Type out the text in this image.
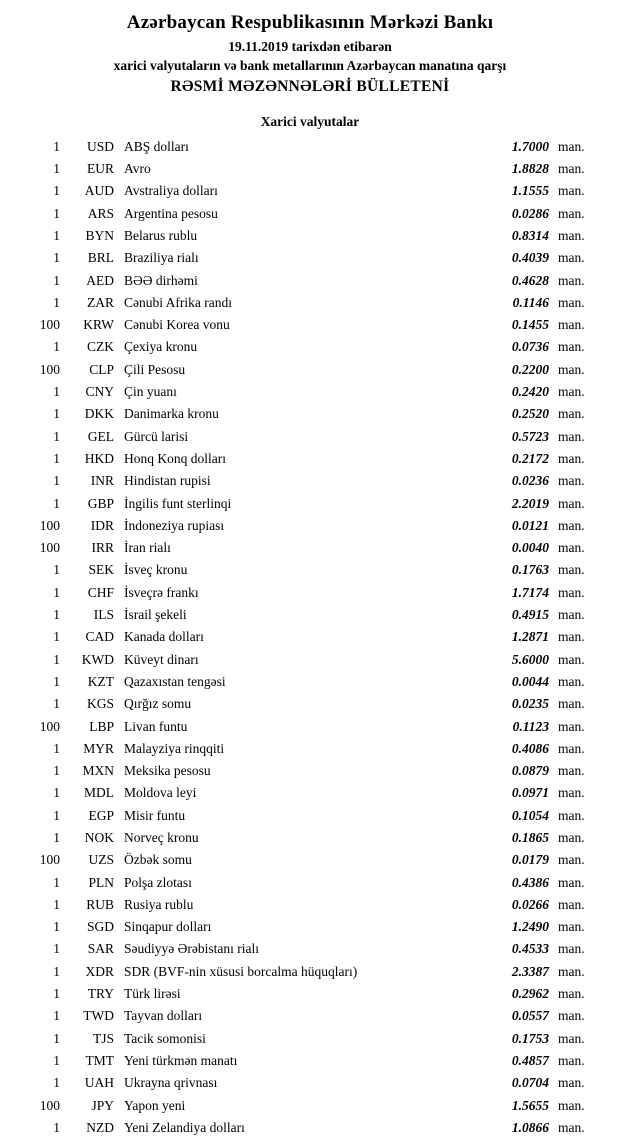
Azərbaycan Respublikasının Mərkəzi Bankı
19.11.2019 tarixdən etibarən
xarici valyutaların və bank metallarının Azərbaycan manatına qarşı
RƏSMİ MƏZƏNNƏLƏRİ BÜLLETENİ
Xarici valyutalar
1	USD	ABŞ dolları	1.7000	man.
1	EUR	Avro	1.8828	man.
1	AUD	Avstraliya dolları	1.1555	man.
1	ARS	Argentina pesosu	0.0286	man.
1	BYN	Belarus rublu	0.8314	man.
1	BRL	Braziliya rialı	0.4039	man.
1	AED	BƏƏ dirhəmi	0.4628	man.
1	ZAR	Cənubi Afrika randı	0.1146	man.
100	KRW	Cənubi Korea vonu	0.1455	man.
1	CZK	Çexiya kronu	0.0736	man.
100	CLP	Çili Pesosu	0.2200	man.
1	CNY	Çin yuanı	0.2420	man.
1	DKK	Danimarka kronu	0.2520	man.
1	GEL	Gürcü larisi	0.5723	man.
1	HKD	Honq Konq dolları	0.2172	man.
1	INR	Hindistan rupisi	0.0236	man.
1	GBP	İngilis funt sterlinqi	2.2019	man.
100	IDR	İndoneziya rupiası	0.0121	man.
100	IRR	İran rialı	0.0040	man.
1	SEK	İsveç kronu	0.1763	man.
1	CHF	İsveçrə frankı	1.7174	man.
1	ILS	İsrail şekeli	0.4915	man.
1	CAD	Kanada dolları	1.2871	man.
1	KWD	Küveyt dinarı	5.6000	man.
1	KZT	Qazaxıstan tengəsi	0.0044	man.
1	KGS	Qırğız somu	0.0235	man.
100	LBP	Livan funtu	0.1123	man.
1	MYR	Malayziya rinqqiti	0.4086	man.
1	MXN	Meksika pesosu	0.0879	man.
1	MDL	Moldova leyi	0.0971	man.
1	EGP	Misir funtu	0.1054	man.
1	NOK	Norveç kronu	0.1865	man.
100	UZS	Özbək somu	0.0179	man.
1	PLN	Polşa zlotası	0.4386	man.
1	RUB	Rusiya rublu	0.0266	man.
1	SGD	Sinqapur dolları	1.2490	man.
1	SAR	Səudiyyə Ərəbistanı rialı	0.4533	man.
1	XDR	SDR (BVF-nin xüsusi borcalma hüquqları)	2.3387	man.
1	TRY	Türk lirəsi	0.2962	man.
1	TWD	Tayvan dolları	0.0557	man.
1	TJS	Tacik somonisi	0.1753	man.
1	TMT	Yeni türkmən manatı	0.4857	man.
1	UAH	Ukrayna qrivnası	0.0704	man.
100	JPY	Yapon yeni	1.5655	man.
1	NZD	Yeni Zelandiya dolları	1.0866	man.
